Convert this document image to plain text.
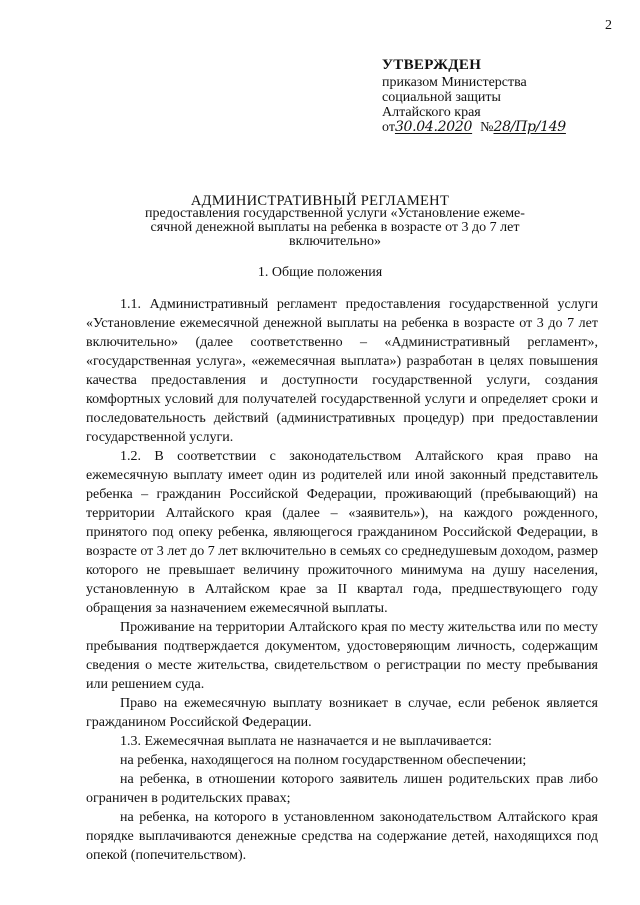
2
УТВЕРЖДЕН
приказом Министерства
социальной защиты
Алтайского края
от 30.04.2020 № 28/Пр/149
АДМИНИСТРАТИВНЫЙ РЕГЛАМЕНТ
предоставления государственной услуги «Установление ежеме-сячной денежной выплаты на ребенка в возрасте от 3 до 7 лет включительно»
1. Общие положения

1.1. Административный регламент предоставления государственной услуги «Установление ежемесячной денежной выплаты на ребенка в возрасте от 3 до 7 лет включительно» (далее соответственно – «Административный регламент», «государственная услуга», «ежемесячная выплата») разработан в целях повышения качества предоставления и доступности государственной услуги, создания комфортных условий для получателей государственной услуги и определяет сроки и последовательность действий (административных процедур) при предоставлении государственной услуги.

1.2. В соответствии с законодательством Алтайского края право на ежемесячную выплату имеет один из родителей или иной законный представитель ребенка – гражданин Российской Федерации, проживающий (пребывающий) на территории Алтайского края (далее – «заявитель»), на каждого рожденного, принятого под опеку ребенка, являющегося гражданином Российской Федерации, в возрасте от 3 лет до 7 лет включительно в семьях со среднедушевым доходом, размер которого не превышает величину прожиточного минимума на душу населения, установленную в Алтайском крае за II квартал года, предшествующего году обращения за назначением ежемесячной выплаты.

Проживание на территории Алтайского края по месту жительства или по месту пребывания подтверждается документом, удостоверяющим личность, содержащим сведения о месте жительства, свидетельством о регистрации по месту пребывания или решением суда.

Право на ежемесячную выплату возникает в случае, если ребенок является гражданином Российской Федерации.

1.3. Ежемесячная выплата не назначается и не выплачивается:

на ребенка, находящегося на полном государственном обеспечении;

на ребенка, в отношении которого заявитель лишен родительских прав либо ограничен в родительских правах;

на ребенка, на которого в установленном законодательством Алтайского края порядке выплачиваются денежные средства на содержание детей, находящихся под опекой (попечительством).
